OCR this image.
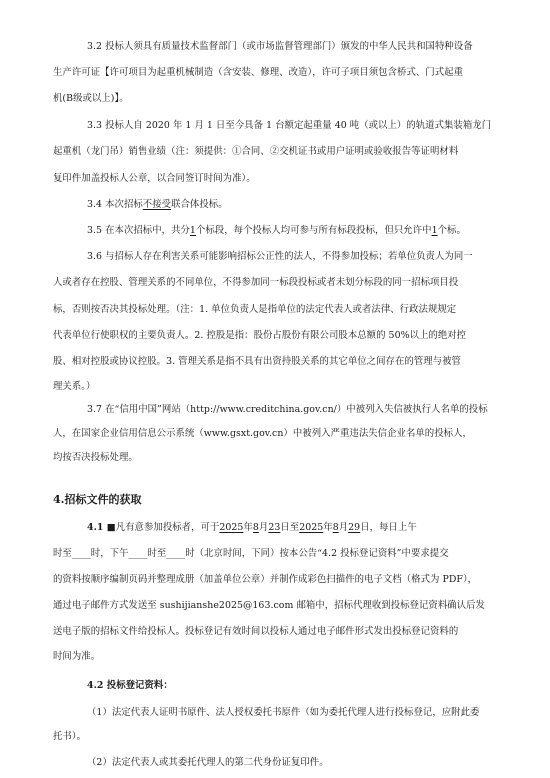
3.2 投标人须具有质量技术监督部门（或市场监督管理部门）颁发的中华人民共和国特种设备
生产许可证【许可项目为起重机械制造（含安装、修理、改造），许可子项目须包含桥式、门式起重
机(B级或以上)】。
3.3 投标人自 2020 年 1 月 1 日至今具备 1 台额定起重量 40 吨（或以上）的轨道式集装箱龙门
起重机（龙门吊）销售业绩（注：须提供：①合同、②交机证书或用户证明或验收报告等证明材料
复印件加盖投标人公章，以合同签订时间为准）。
3.4 本次招标不接受联合体投标。
3.5 在本次招标中，共分1个标段，每个投标人均可参与所有标段投标，但只允许中1个标。
3.6 与招标人存在利害关系可能影响招标公正性的法人，不得参加投标；若单位负责人为同一
人或者存在控股、管理关系的不同单位，不得参加同一标段投标或者未划分标段的同一招标项目投
标，否则按否决其投标处理。（注：1. 单位负责人是指单位的法定代表人或者法律、行政法规规定
代表单位行使职权的主要负责人。2. 控股是指：股份占股份有限公司股本总额的 50%以上的绝对控
股、相对控股或协议控股。3. 管理关系是指不具有出资持股关系的其它单位之间存在的管理与被管
理关系。）
3.7 在“信用中国”网站（http://www.creditchina.gov.cn/）中被列入失信被执行人名单的投标
人，在国家企业信用信息公示系统（www.gsxt.gov.cn）中被列入严重违法失信企业名单的投标人，
均按否决投标处理。
4.招标文件的获取
4.1 ■凡有意参加投标者，可于2025年8月23日至2025年8月29日，每日上午
时至____时，下午____时至____时（北京时间，下同）按本公告“4.2 投标登记资料”中要求提交
的资料按顺序编制页码并整理成册（加盖单位公章）并制作成彩色扫描件的电子文档（格式为 PDF），
通过电子邮件方式发送至 sushijianshe2025@163.com 邮箱中，招标代理收到投标登记资料确认后发
送电子版的招标文件给投标人。投标登记有效时间以投标人通过电子邮件形式发出投标登记资料的
时间为准。
4.2 投标登记资料：
（1）法定代表人证明书原件、法人授权委托书原件（如为委托代理人进行投标登记，应附此委
托书）。
（2）法定代表人或其委托代理人的第二代身份证复印件。
